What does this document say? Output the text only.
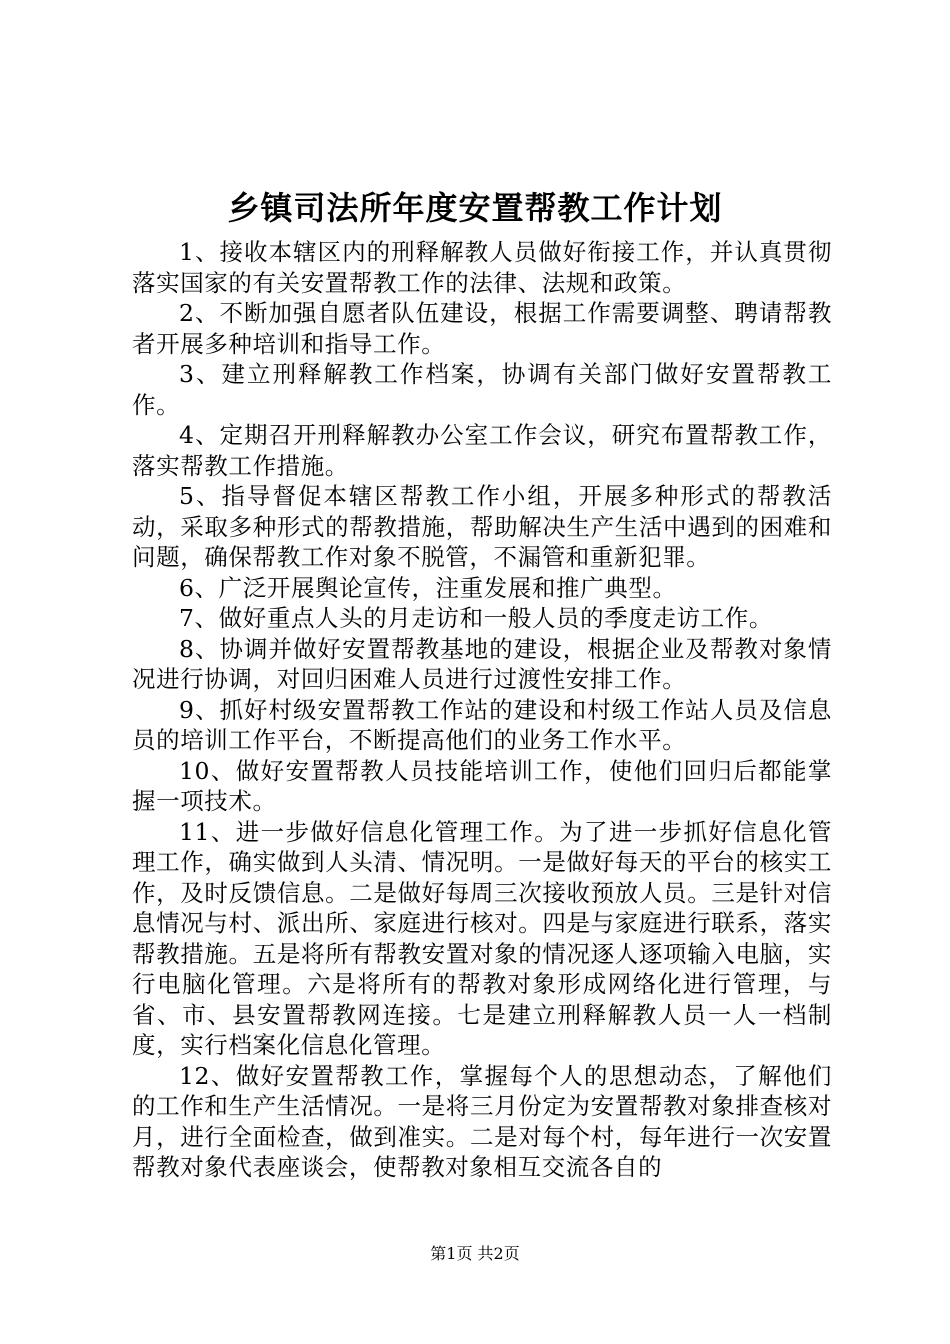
乡镇司法所年度安置帮教工作计划

1、接收本辖区内的刑释解教人员做好衔接工作，并认真贯彻落实国家的有关安置帮教工作的法律、法规和政策。

2、不断加强自愿者队伍建设，根据工作需要调整、聘请帮教者开展多种培训和指导工作。

3、建立刑释解教工作档案，协调有关部门做好安置帮教工作。

4、定期召开刑释解教办公室工作会议，研究布置帮教工作，落实帮教工作措施。

5、指导督促本辖区帮教工作小组，开展多种形式的帮教活动，采取多种形式的帮教措施，帮助解决生产生活中遇到的困难和问题，确保帮教工作对象不脱管，不漏管和重新犯罪。

6、广泛开展舆论宣传，注重发展和推广典型。

7、做好重点人头的月走访和一般人员的季度走访工作。

8、协调并做好安置帮教基地的建设，根据企业及帮教对象情况进行协调，对回归困难人员进行过渡性安排工作。

9、抓好村级安置帮教工作站的建设和村级工作站人员及信息员的培训工作平台，不断提高他们的业务工作水平。

10、做好安置帮教人员技能培训工作，使他们回归后都能掌握一项技术。

11、进一步做好信息化管理工作。为了进一步抓好信息化管理工作，确实做到人头清、情况明。一是做好每天的平台的核实工作，及时反馈信息。二是做好每周三次接收预放人员。三是针对信息情况与村、派出所、家庭进行核对。四是与家庭进行联系，落实帮教措施。五是将所有帮教安置对象的情况逐人逐项输入电脑，实行电脑化管理。六是将所有的帮教对象形成网络化进行管理，与省、市、县安置帮教网连接。七是建立刑释解教人员一人一档制度，实行档案化信息化管理。

12、做好安置帮教工作，掌握每个人的思想动态，了解他们的工作和生产生活情况。一是将三月份定为安置帮教对象排查核对月，进行全面检查，做到准实。二是对每个村，每年进行一次安置帮教对象代表座谈会，使帮教对象相互交流各自的

第1页 共2页
